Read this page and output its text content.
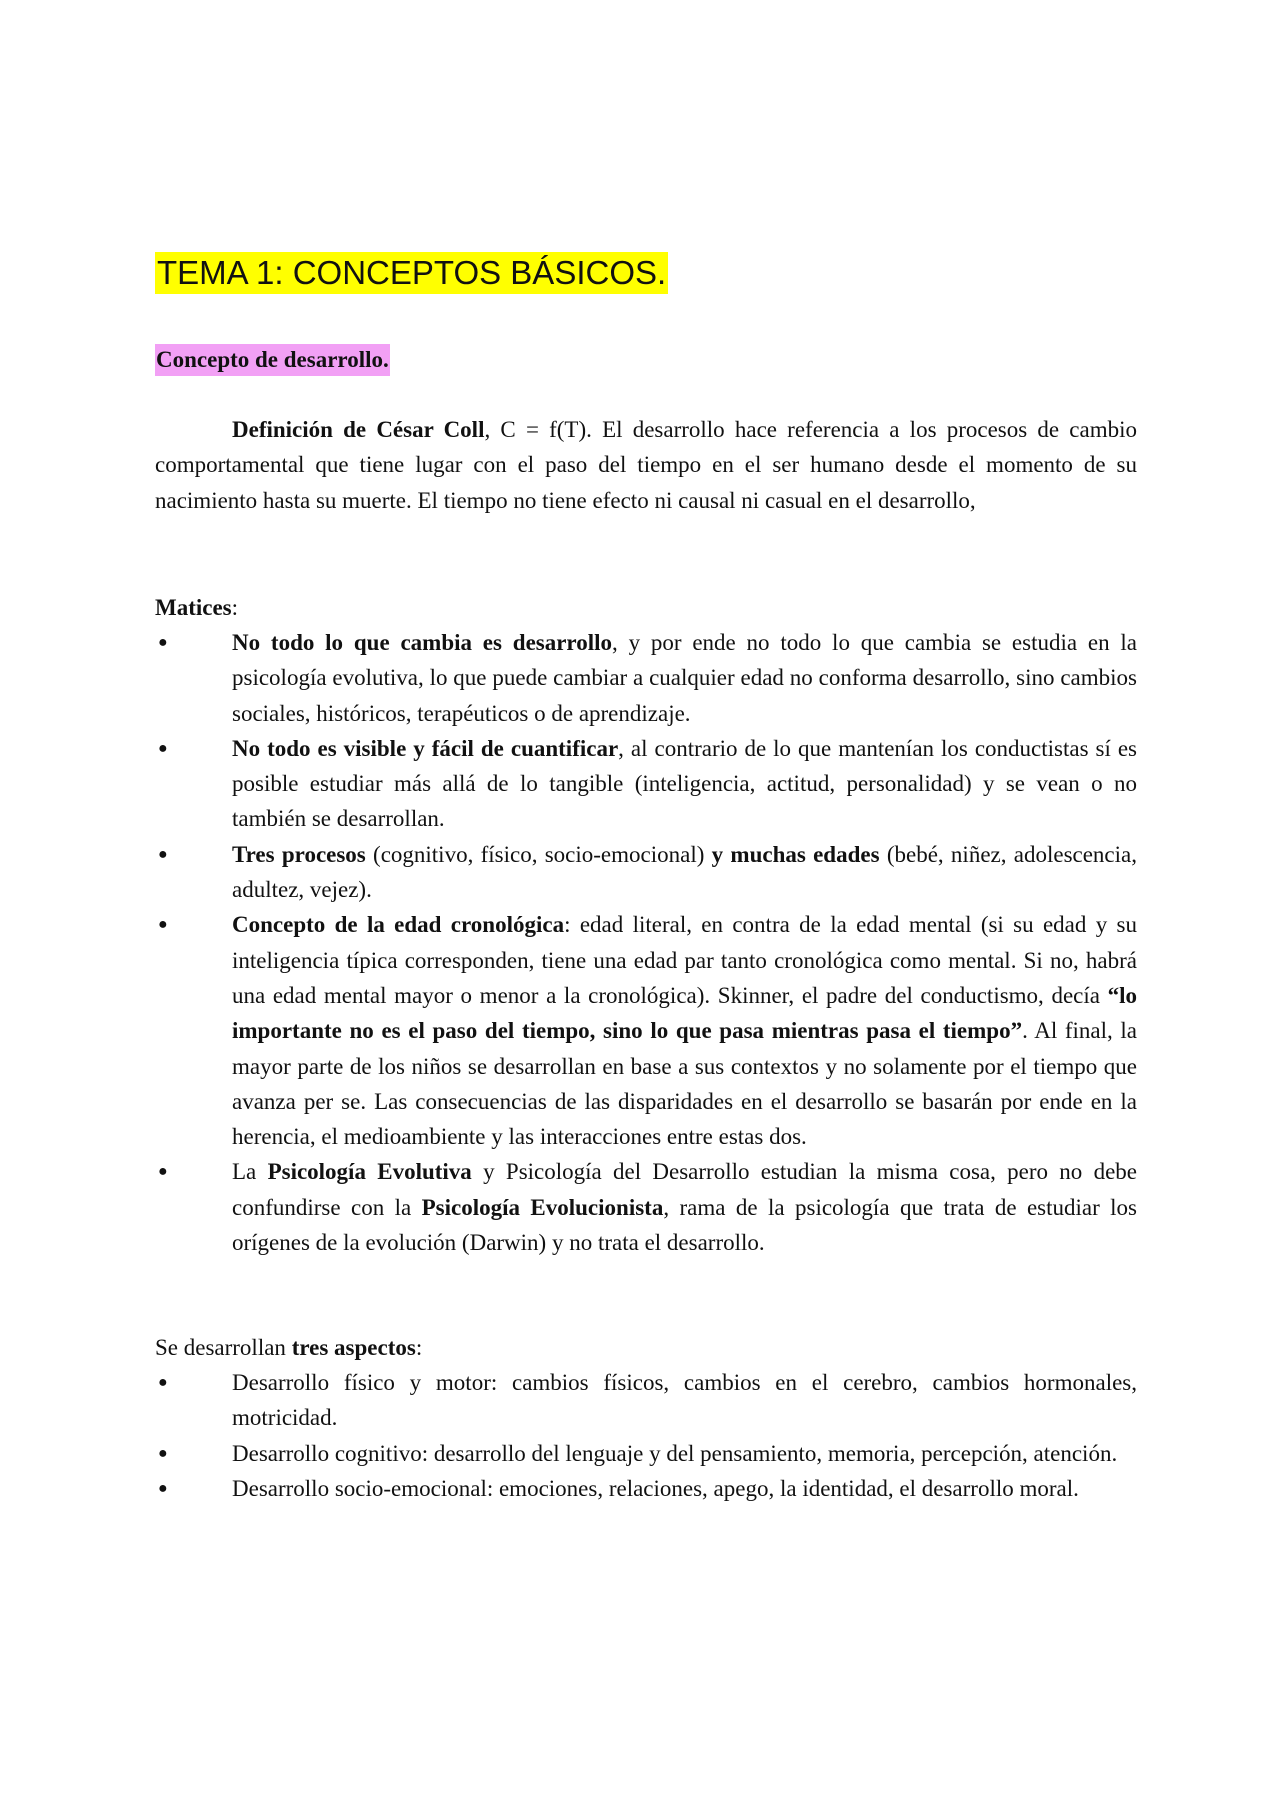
TEMA 1: CONCEPTOS BÁSICOS.
Concepto de desarrollo.

Definición de César Coll, C = f(T). El desarrollo hace referencia a los procesos de cambio comportamental que tiene lugar con el paso del tiempo en el ser humano desde el momento de su nacimiento hasta su muerte. El tiempo no tiene efecto ni causal ni casual en el desarrollo,

Matices:

●	No todo lo que cambia es desarrollo, y por ende no todo lo que cambia se estudia en la psicología evolutiva, lo que puede cambiar a cualquier edad no conforma desarrollo, sino cambios sociales, históricos, terapéuticos o de aprendizaje.
●	No todo es visible y fácil de cuantificar, al contrario de lo que mantenían los conductistas sí es posible estudiar más allá de lo tangible (inteligencia, actitud, personalidad) y se vean o no también se desarrollan.
●	Tres procesos (cognitivo, físico, socio-emocional) y muchas edades (bebé, niñez, adolescencia, adultez, vejez).
●	Concepto de la edad cronológica: edad literal, en contra de la edad mental (si su edad y su inteligencia típica corresponden, tiene una edad par tanto cronológica como mental. Si no, habrá una edad mental mayor o menor a la cronológica). Skinner, el padre del conductismo, decía “lo importante no es el paso del tiempo, sino lo que pasa mientras pasa el tiempo”. Al final, la mayor parte de los niños se desarrollan en base a sus contextos y no solamente por el tiempo que avanza per se. Las consecuencias de las disparidades en el desarrollo se basarán por ende en la herencia, el medioambiente y las interacciones entre estas dos.
●	La Psicología Evolutiva y Psicología del Desarrollo estudian la misma cosa, pero no debe confundirse con la Psicología Evolucionista, rama de la psicología que trata de estudiar los orígenes de la evolución (Darwin) y no trata el desarrollo.

Se desarrollan tres aspectos:

●	Desarrollo físico y motor: cambios físicos, cambios en el cerebro, cambios hormonales, motricidad.
●	Desarrollo cognitivo: desarrollo del lenguaje y del pensamiento, memoria, percepción, atención.
●	Desarrollo socio-emocional: emociones, relaciones, apego, la identidad, el desarrollo moral.
